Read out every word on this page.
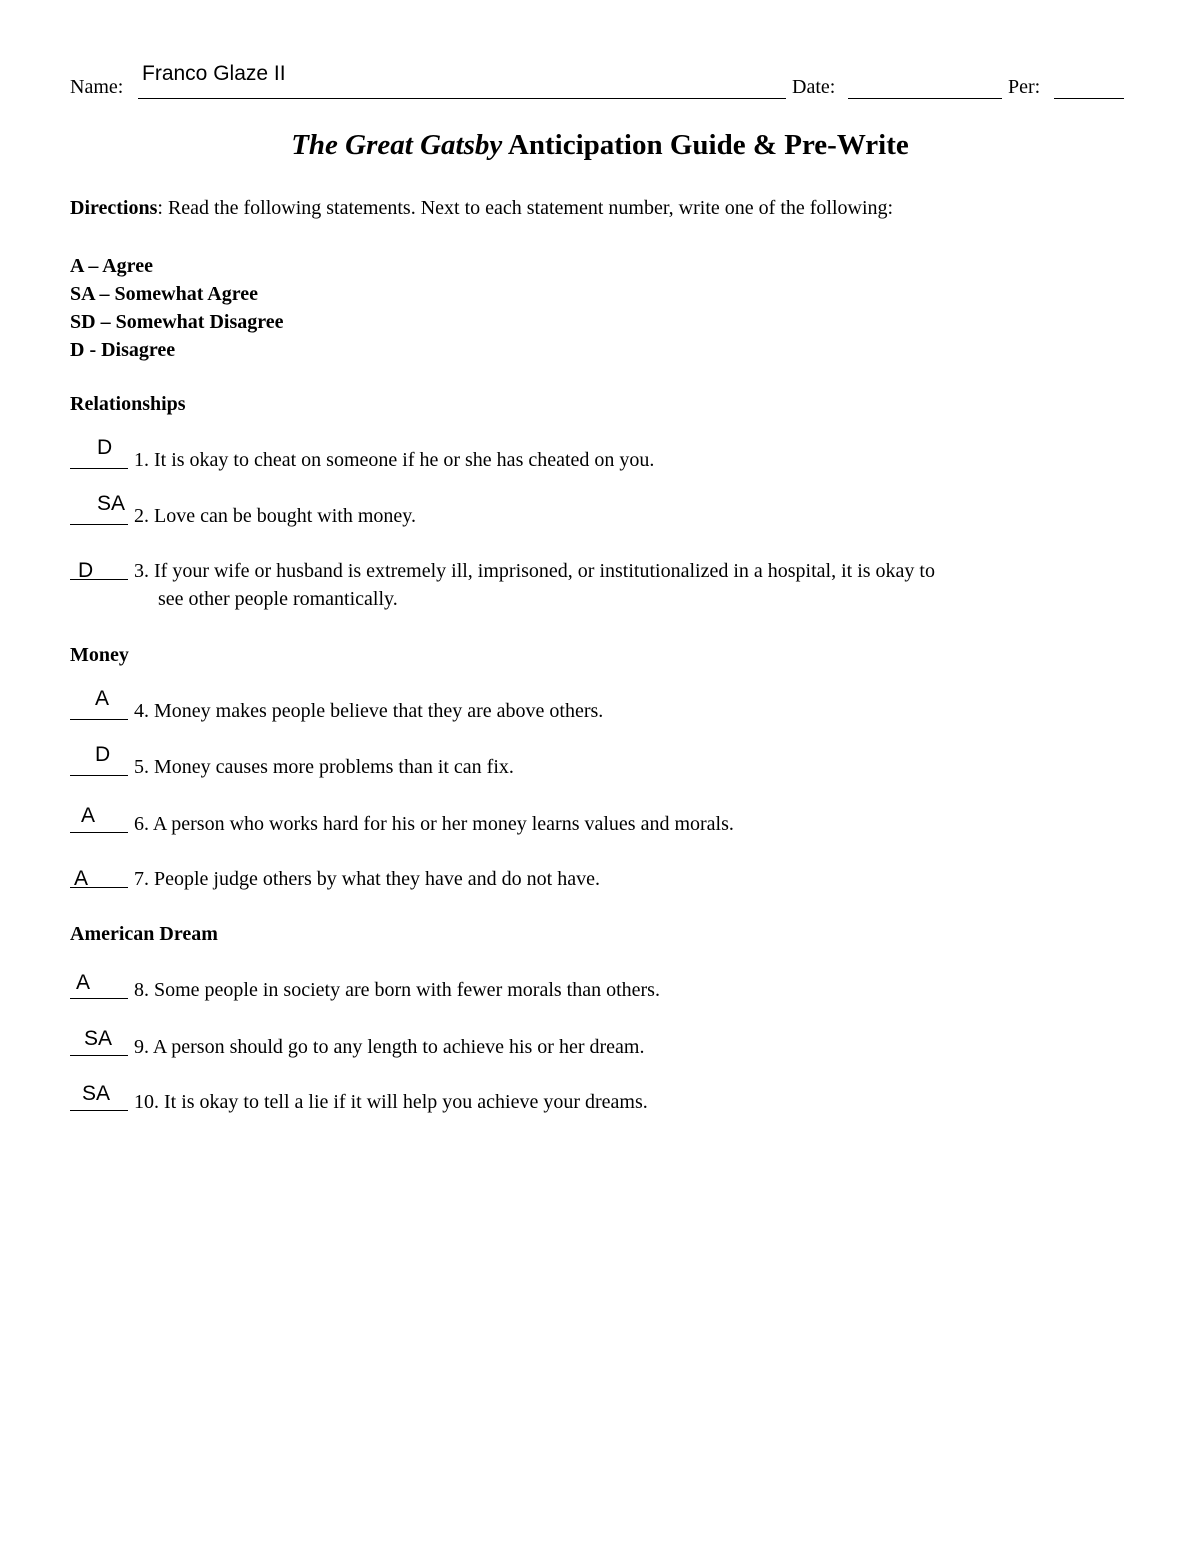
Name:
Franco Glaze II
Date:	Per:
The Great Gatsby Anticipation Guide & Pre-Write
Directions: Read the following statements. Next to each statement number, write one of the following:
A – Agree
SA – Somewhat Agree
SD – Somewhat Disagree
D - Disagree
Relationships
D
1. It is okay to cheat on someone if he or she has cheated on you.
SA
2. Love can be bought with money.
D 3. If your wife or husband is extremely ill, imprisoned, or institutionalized in a hospital, it is okay to
see other people romantically.
Money
A
4. Money makes people believe that they are above others.
D
5. Money causes more problems than it can fix.
A 6. A person who works hard for his or her money learns values and morals.
A 7. People judge others by what they have and do not have.
American Dream
A 8. Some people in society are born with fewer morals than others.
SA 9. A person should go to any length to achieve his or her dream.
SA 10. It is okay to tell a lie if it will help you achieve your dreams.
